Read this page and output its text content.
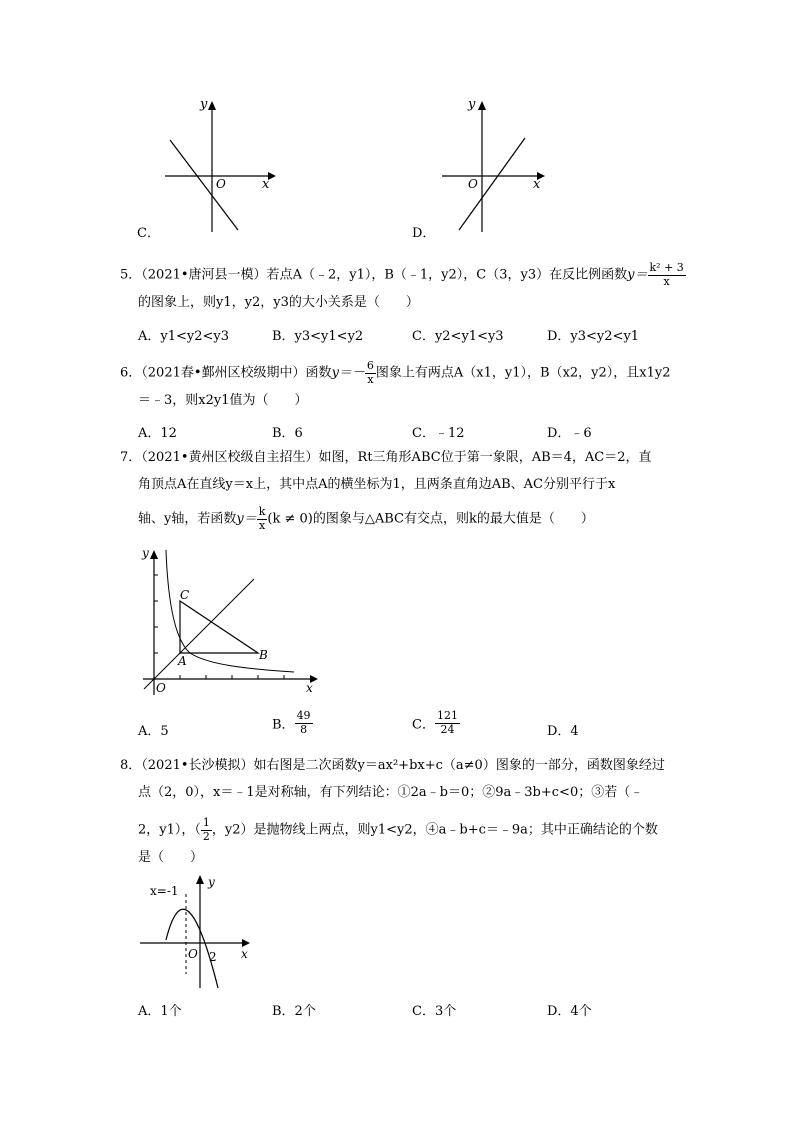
x
y
O
C．
x
y
O
D．
5．（2021•唐河县一模）若点A（﹣2，y1），B（﹣1，y2），C（3，y3）在反比例函数$y= \frac{\text{k² + 3}}{x}$
的图象上，则y1，y2，y3的大小关系是（　　）
A．y1<y2<y3	B．y3<y1<y2	C．y2<y1<y3	D．y3<y2<y1
6．（2021春•鄞州区校级期中）函数$y=- \frac{6}{x}$ 图象上有两点A（x1，y1），B（x2，y2），且x1y2
＝﹣3，则x2y1值为（　　）
A．12	B．6	C．﹣12	D．﹣6
7．（2021•黄州区校级自主招生）如图，Rt三角形ABC位于第一象限，AB＝4，AC＝2，直
角顶点A在直线y＝x上，其中点A的横坐标为1，且两条直角边AB、AC分别平行于x
轴、y轴，若函数$y= \frac{k}{x} (k \ne 0)$的图象与△ABC有交点，则k的最大值是（　　）
x
y
O
A	B
C
A．5	B． $\frac{49}{8}$	C． $\frac{121}{24}$	D．4
8．（2021•长沙模拟）如右图是二次函数y＝ax²+bx+c（a≠0）图象的一部分，函数图象经过
点（2，0），x＝﹣1是对称轴，有下列结论：①2a﹣b＝0；②9a﹣3b+c<0；③若（﹣
2，y1），（ $\frac{1}{2}$ ，y2）是抛物线上两点，则y1<y2，④a﹣b+c＝﹣9a；其中正确结论的个数
是（　　）
x=-1
y
x
O 2
A．1个	B．2个	C．3个	D．4个
